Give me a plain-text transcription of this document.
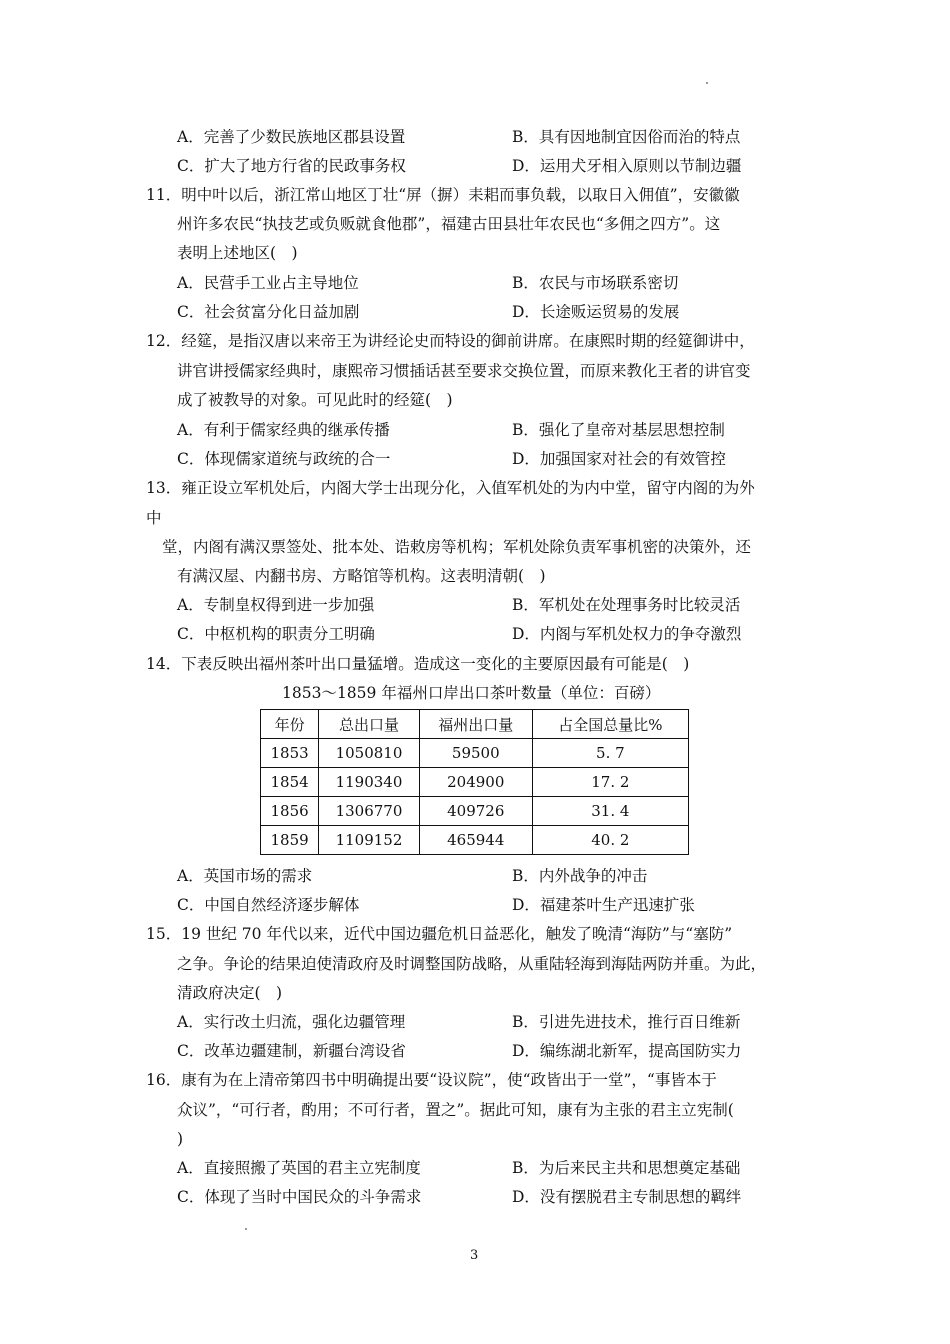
A．完善了少数民族地区郡县设置	B．具有因地制宜因俗而治的特点
C．扩大了地方行省的民政事务权	D．运用犬牙相入原则以节制边疆
11．明中叶以后，浙江常山地区丁壮“屏（摒）耒耜而事负载，以取日入佣值”，安徽徽
州许多农民“执技艺或负贩就食他郡”，福建古田县壮年农民也“多佣之四方”。这
表明上述地区(　)
A．民营手工业占主导地位	B．农民与市场联系密切
C．社会贫富分化日益加剧	D．长途贩运贸易的发展
12．经筵，是指汉唐以来帝王为讲经论史而特设的御前讲席。在康熙时期的经筵御讲中，
讲官讲授儒家经典时，康熙帝习惯插话甚至要求交换位置，而原来教化王者的讲官变
成了被教导的对象。可见此时的经筵(　)
A．有利于儒家经典的继承传播	B．强化了皇帝对基层思想控制
C．体现儒家道统与政统的合一	D．加强国家对社会的有效管控
13．雍正设立军机处后，内阁大学士出现分化，入值军机处的为内中堂，留守内阁的为外
中
堂，内阁有满汉票签处、批本处、诰敕房等机构；军机处除负责军事机密的决策外，还
有满汉屋、内翻书房、方略馆等机构。这表明清朝(　)
A．专制皇权得到进一步加强	B．军机处在处理事务时比较灵活
C．中枢机构的职责分工明确	D．内阁与军机处权力的争夺激烈
14．下表反映出福州茶叶出口量猛增。造成这一变化的主要原因最有可能是(　)
1853～1859 年福州口岸出口茶叶数量（单位：百磅）
年份	总出口量	福州出口量	占全国总量比%
1853	1050810	59500	5. 7
1854	1190340	204900	17. 2
1856	1306770	409726	31. 4
1859	1109152	465944	40. 2
A．英国市场的需求	B．内外战争的冲击
C．中国自然经济逐步解体	D．福建茶叶生产迅速扩张
15．19 世纪 70 年代以来，近代中国边疆危机日益恶化，触发了晚清“海防”与“塞防”
之争。争论的结果迫使清政府及时调整国防战略，从重陆轻海到海陆两防并重。为此，
清政府决定(　)
A．实行改土归流，强化边疆管理	B．引进先进技术，推行百日维新
C．改革边疆建制，新疆台湾设省	D．编练湖北新军，提高国防实力
16．康有为在上清帝第四书中明确提出要“设议院”，使“政皆出于一堂”，“事皆本于
众议”，“可行者，酌用；不可行者，置之”。据此可知，康有为主张的君主立宪制(
)
A．直接照搬了英国的君主立宪制度	B．为后来民主共和思想奠定基础
C．体现了当时中国民众的斗争需求	D．没有摆脱君主专制思想的羁绊
3
